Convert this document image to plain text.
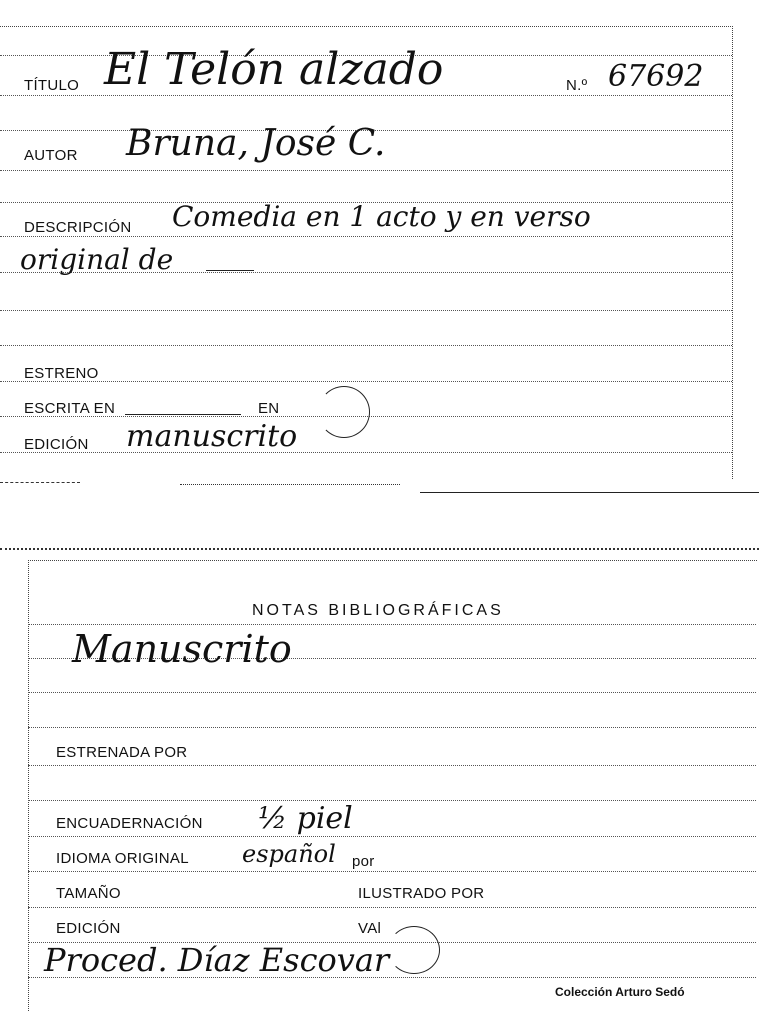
TÍTULO El Telón alzado	N.º 67692
AUTOR Bruna, José C.
DESCRIPCIÓN Comedia en 1 acto y en verso
original de
ESTRENO
ESCRITA EN	EN
EDICIÓN manuscrito
NOTAS BIBLIOGRÁFICAS
Manuscrito
ESTRENADA POR
ENCUADERNACIÓN ½ piel
IDIOMA ORIGINAL español por
TAMAÑO	ILUSTRADO POR
EDICIÓN	VAl
Proced. Díaz Escovar
Colección Arturo Sedó
